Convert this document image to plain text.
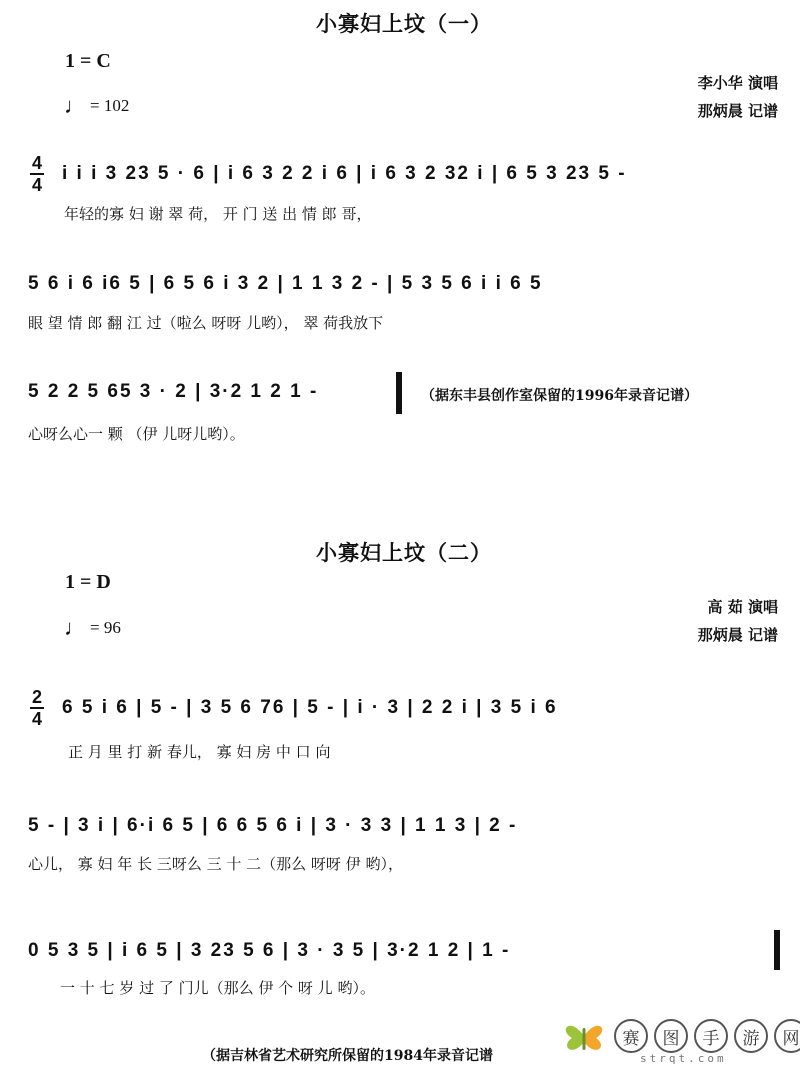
小寡妇上坟（一）
1 = C
♩ = 102
李小华 演唱
那炳晨 记谱
4
4
i i i 3 23 5 · 6 | i 6 3 2 2 i 6 | i 6 3 2 32 i | 6 5 3 23 5 -
年轻的寡 妇 谢 翠 荷， 开 门 送 出 情 郎 哥，
5 6 i 6 i6 5 | 6 5 6 i 3 2 | 1 1 3 2 - | 5 3 5 6 i i 6 5
眼 望 情 郎 翻 江 过（啦么 呀呀 儿哟）， 翠 荷我放下
5 2 2 5 65 3 · 2 | 3·2 1 2 1 -
心呀么心一 颗 （伊 儿呀儿哟）。
（据东丰县创作室保留的1996年录音记谱）
小寡妇上坟（二）
1 = D
♩ = 96
高 茹 演唱
那炳晨 记谱
2
4
6 5 i 6 | 5 - | 3 5 6 76 | 5 - | i · 3 | 2 2 i | 3 5 i 6
正 月 里 打 新 春儿， 寡 妇 房 中 口 向
5 - | 3 i | 6·i 6 5 | 6 6 5 6 i | 3 · 3 3 | 1 1 3 | 2 -
心儿， 寡 妇 年 长 三呀么 三 十 二（那么 呀呀 伊 哟），
0 5 3 5 | i 6 5 | 3 23 5 6 | 3 · 3 5 | 3·2 1 2 | 1 -
一 十 七 岁 过 了 门儿（那么 伊 个 呀 儿 哟）。
（据吉林省艺术研究所保留的1984年录音记谱
赛	图	手	游	网
strqt.com
